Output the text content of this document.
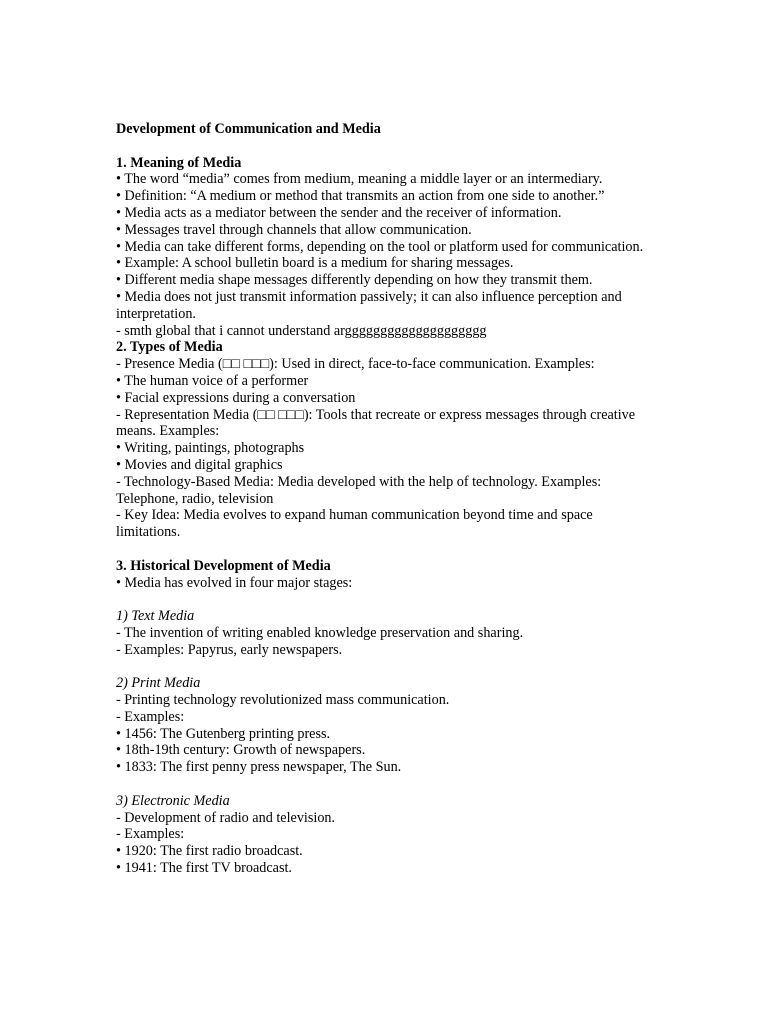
Development of Communication and Media

1. Meaning of Media

• The word “media” comes from medium, meaning a middle layer or an intermediary.

• Definition: “A medium or method that transmits an action from one side to another.”

• Media acts as a mediator between the sender and the receiver of information.

• Messages travel through channels that allow communication.

• Media can take different forms, depending on the tool or platform used for communication.

• Example: A school bulletin board is a medium for sharing messages.

• Different media shape messages differently depending on how they transmit them.

• Media does not just transmit information passively; it can also influence perception and interpretation.

- smth global that i cannot understand argggggggggggggggggggg

2. Types of Media

- Presence Media (□□ □□□): Used in direct, face-to-face communication. Examples:

• The human voice of a performer

• Facial expressions during a conversation

- Representation Media (□□ □□□): Tools that recreate or express messages through creative means. Examples:

• Writing, paintings, photographs

• Movies and digital graphics

- Technology-Based Media: Media developed with the help of technology. Examples: Telephone, radio, television

- Key Idea: Media evolves to expand human communication beyond time and space limitations.

3. Historical Development of Media

• Media has evolved in four major stages:

1) Text Media

- The invention of writing enabled knowledge preservation and sharing.

- Examples: Papyrus, early newspapers.

2) Print Media

- Printing technology revolutionized mass communication.

- Examples:

• 1456: The Gutenberg printing press.

• 18th-19th century: Growth of newspapers.

• 1833: The first penny press newspaper, The Sun.

3) Electronic Media

- Development of radio and television.

- Examples:

• 1920: The first radio broadcast.

• 1941: The first TV broadcast.
